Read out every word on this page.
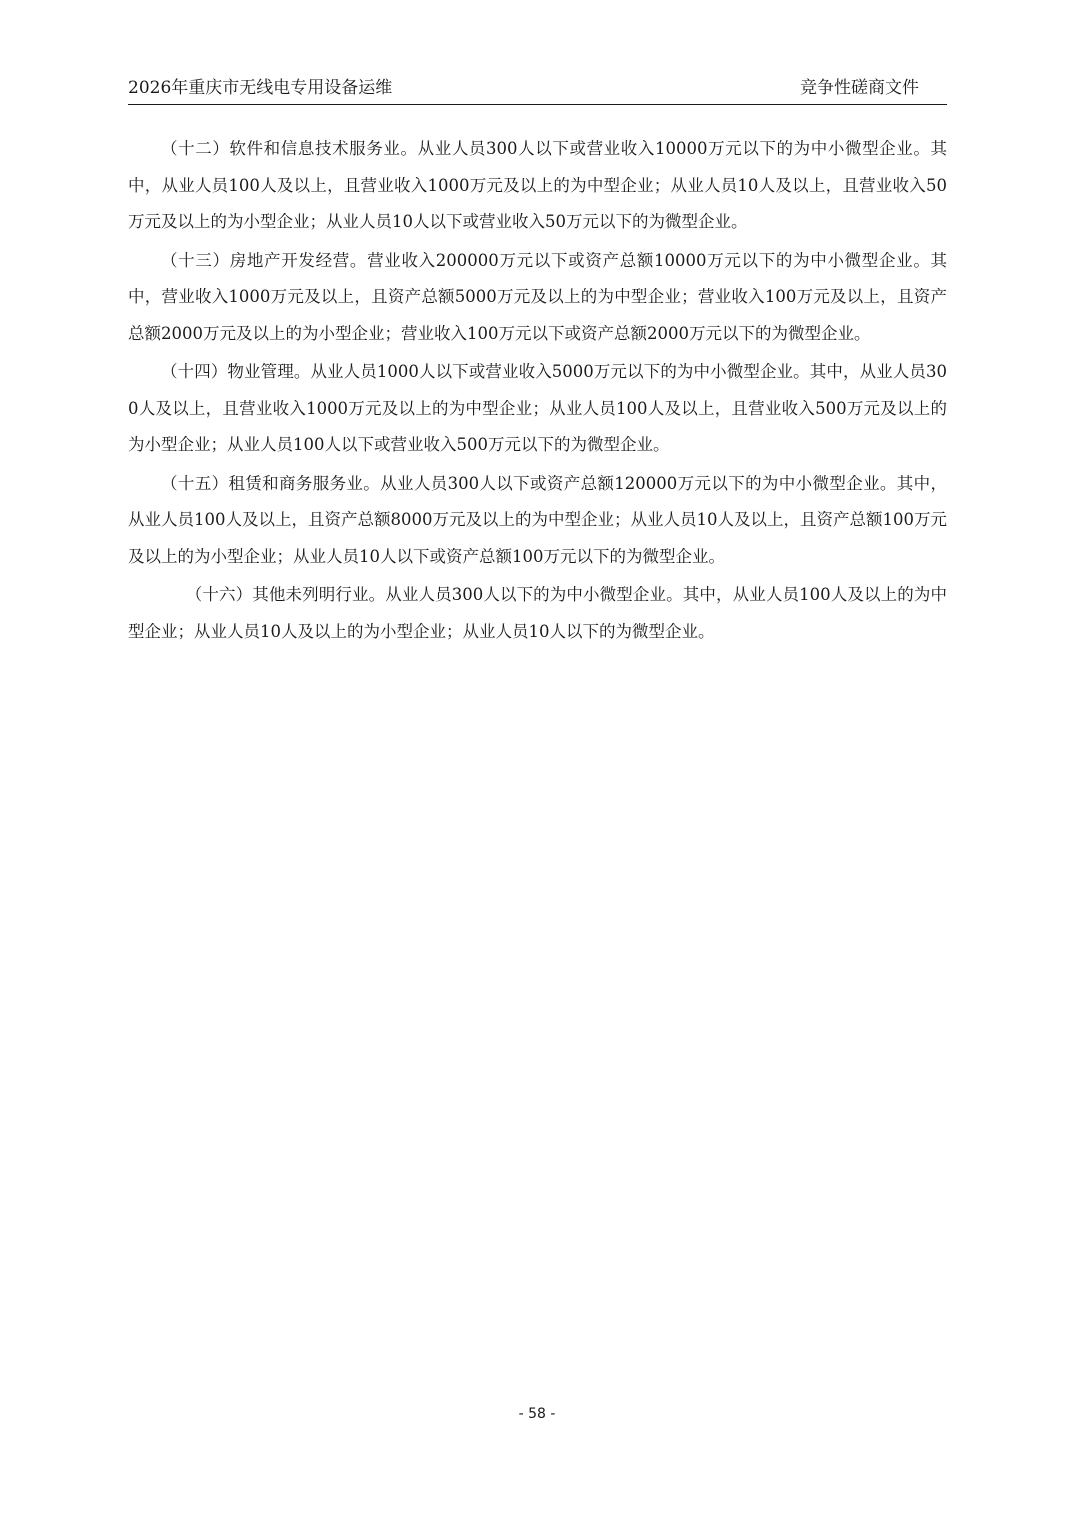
2026年重庆市无线电专用设备运维	竞争性磋商文件

（十二）软件和信息技术服务业。从业人员300人以下或营业收入10000万元以下的为中小微型企业。其中，从业人员100人及以上，且营业收入1000万元及以上的为中型企业；从业人员10人及以上，且营业收入50万元及以上的为小型企业；从业人员10人以下或营业收入50万元以下的为微型企业。

（十三）房地产开发经营。营业收入200000万元以下或资产总额10000万元以下的为中小微型企业。其中，营业收入1000万元及以上，且资产总额5000万元及以上的为中型企业；营业收入100万元及以上，且资产总额2000万元及以上的为小型企业；营业收入100万元以下或资产总额2000万元以下的为微型企业。

（十四）物业管理。从业人员1000人以下或营业收入5000万元以下的为中小微型企业。其中，从业人员300人及以上，且营业收入1000万元及以上的为中型企业；从业人员100人及以上，且营业收入500万元及以上的为小型企业；从业人员100人以下或营业收入500万元以下的为微型企业。

（十五）租赁和商务服务业。从业人员300人以下或资产总额120000万元以下的为中小微型企业。其中，从业人员100人及以上，且资产总额8000万元及以上的为中型企业；从业人员10人及以上，且资产总额100万元及以上的为小型企业；从业人员10人以下或资产总额100万元以下的为微型企业。

（十六）其他未列明行业。从业人员300人以下的为中小微型企业。其中，从业人员100人及以上的为中型企业；从业人员10人及以上的为小型企业；从业人员10人以下的为微型企业。

- 58 -
